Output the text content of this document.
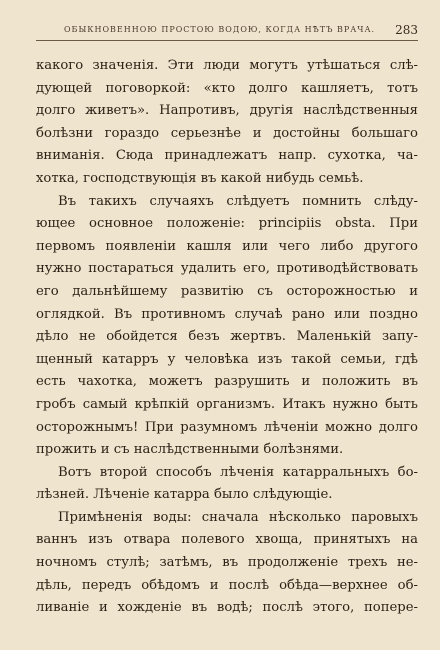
ОБЫКНОВЕННОЮ ПРОСТОЮ ВОДОЮ, КОГДА НѢТЪ ВРАЧА. 283
какого значенія. Эти люди могутъ утѣшаться слѣ-
дующей поговоркой: «кто долго кашляетъ, тотъ
долго живетъ». Напротивъ, другія наслѣдственныя
болѣзни гораздо серьезнѣе и достойны большаго
вниманія. Сюда принадлежатъ напр. сухотка, ча-
хотка, господствующія въ какой нибудь семьѣ.
Въ такихъ случаяхъ слѣдуетъ помнить слѣду-
ющее основное положеніе: principiis obsta. При
первомъ появленіи кашля или чего либо другого
нужно постараться удалить его, противодѣйствовать
его дальнѣйшему развитію съ осторожностью и
оглядкой. Въ противномъ случаѣ рано или поздно
дѣло не обойдется безъ жертвъ. Маленькій запу-
щенный катарръ у человѣка изъ такой семьи, гдѣ
есть чахотка, можетъ разрушить и положить въ
гробъ самый крѣпкій организмъ. Итакъ нужно быть
осторожнымъ! При разумномъ лѣченіи можно долго
прожить и съ наслѣдственными болѣзнями.
Вотъ второй способъ лѣченія катарральныхъ бо-
лѣзней. Лѣченіе катарра было слѣдующіе.
Примѣненія воды: сначала нѣсколько паровыхъ
ваннъ изъ отвара полевого хвоща, принятыхъ на
ночномъ стулѣ; затѣмъ, въ продолженіе трехъ не-
дѣль, передъ обѣдомъ и послѣ обѣда—верхнее об-
ливаніе и хожденіе въ водѣ; послѣ этого, попере-
